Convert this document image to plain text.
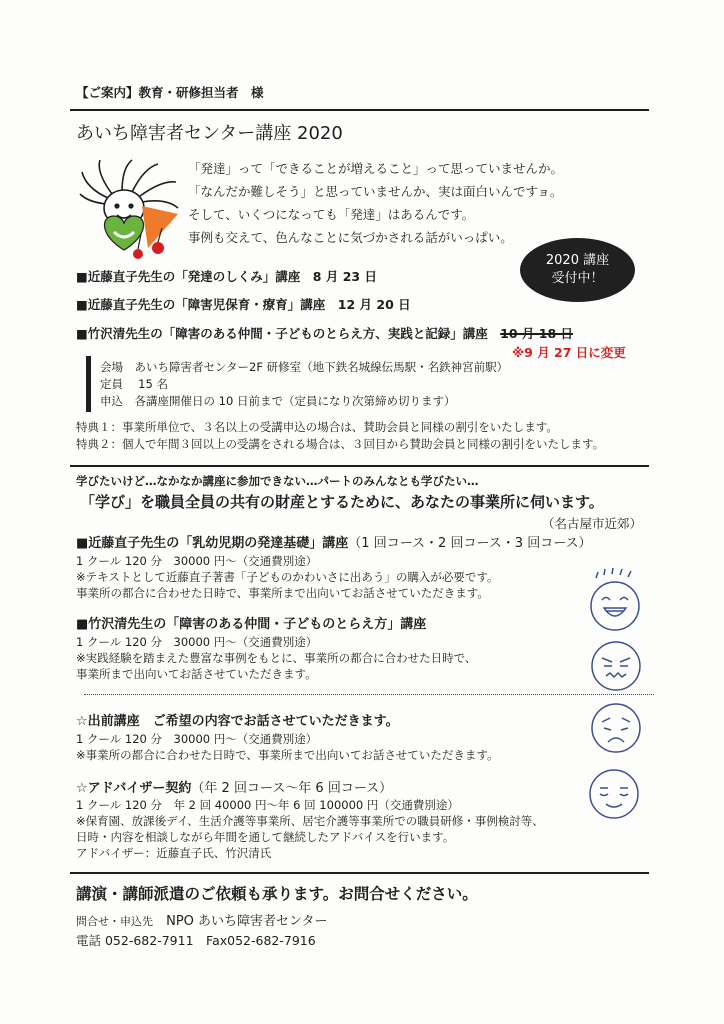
【ご案内】教育・研修担当者　様
あいち障害者センター講座 2020
「発達」って「できることが増えること」って思っていませんか。
「なんだか難しそう」と思っていませんか、実は面白いんですョ。
そして、いくつになっても「発達」はあるんです。
事例も交えて、色んなことに気づかされる話がいっぱい。
2020 講座
受付中！
■近藤直子先生の「発達のしくみ」講座　8 月 23 日
■近藤直子先生の「障害児保育・療育」講座　12 月 20 日
■竹沢清先生の「障害のある仲間・子どものとらえ方、実践と記録」講座 10 月 18 日
※9 月 27 日に変更
会場　あいち障害者センター2F 研修室（地下鉄名城線伝馬駅・名鉄神宮前駅）
定員　 15 名
申込　各講座開催日の 10 日前まで（定員になり次第締め切ります）
特典１：事業所単位で、３名以上の受講申込の場合は、賛助会員と同様の割引をいたします。
特典２：個人で年間３回以上の受講をされる場合は、３回目から賛助会員と同様の割引をいたします。
学びたいけど…なかなか講座に参加できない…パートのみんなとも学びたい…
「学び」を職員全員の共有の財産とするために、あなたの事業所に伺います。
（名古屋市近郊）
■近藤直子先生の「乳幼児期の発達基礎」講座（1 回コース・2 回コース・3 回コース）
1 クール 120 分　30000 円～（交通費別途）
※テキストとして近藤直子著書「子どものかわいさに出あう」の購入が必要です。
事業所の都合に合わせた日時で、事業所まで出向いてお話させていただきます。
■竹沢清先生の「障害のある仲間・子どものとらえ方」講座
1 クール 120 分　30000 円～（交通費別途）
※実践経験を踏まえた豊富な事例をもとに、事業所の都合に合わせた日時で、
事業所まで出向いてお話させていただきます。
☆出前講座　ご希望の内容でお話させていただきます。
1 クール 120 分　30000 円～（交通費別途）
※事業所の都合に合わせた日時で、事業所まで出向いてお話させていただきます。
☆アドバイザー契約（年 2 回コース～年 6 回コース）
1 クール 120 分　年 2 回 40000 円～年 6 回 100000 円（交通費別途）
※保育園、放課後デイ、生活介護等事業所、居宅介護等事業所での職員研修・事例検討等、
日時・内容を相談しながら年間を通して継続したアドバイスを行います。
アドバイザー：近藤直子氏、竹沢清氏
講演・講師派遣のご依頼も承ります。お問合せください。
問合せ・申込先 NPO あいち障害者センター
電話 052-682-7911　Fax052-682-7916
